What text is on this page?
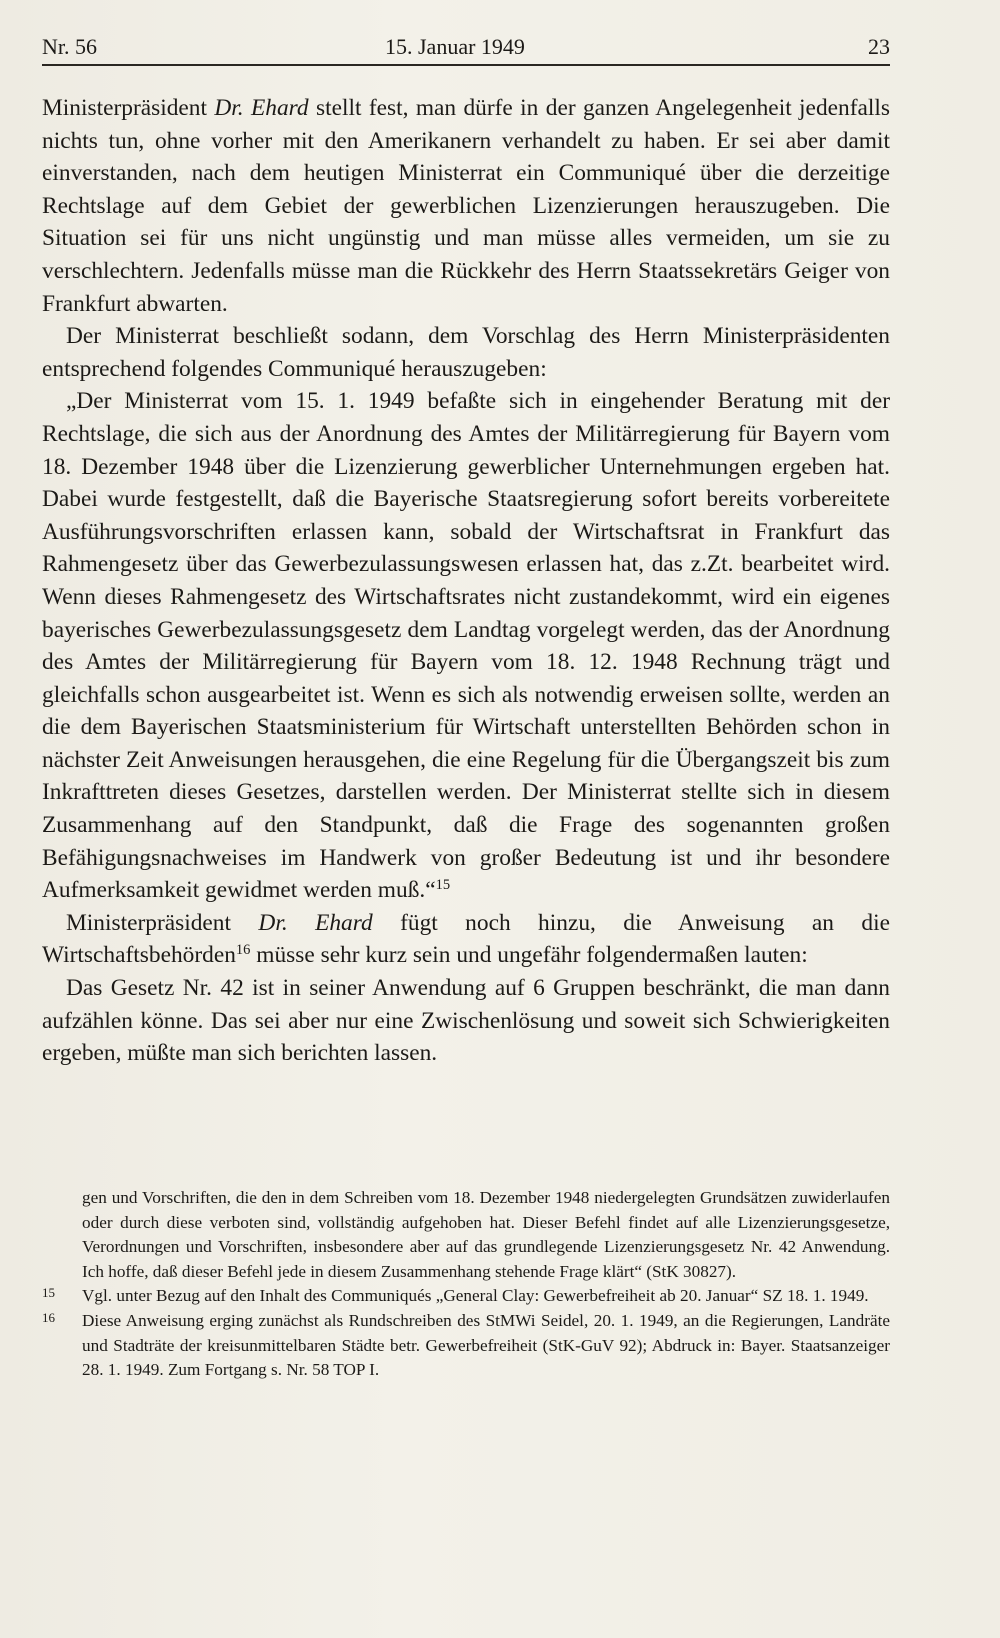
Nr. 56	15. Januar 1949	23

Ministerpräsident Dr. Ehard stellt fest, man dürfe in der ganzen Angelegenheit jedenfalls nichts tun, ohne vorher mit den Amerikanern verhandelt zu haben. Er sei aber damit einverstanden, nach dem heutigen Ministerrat ein Communiqué über die derzeitige Rechtslage auf dem Gebiet der gewerblichen Lizenzierungen herauszugeben. Die Situation sei für uns nicht ungünstig und man müsse alles vermeiden, um sie zu verschlechtern. Jedenfalls müsse man die Rückkehr des Herrn Staatssekretärs Geiger von Frankfurt abwarten.

Der Ministerrat beschließt sodann, dem Vorschlag des Herrn Ministerpräsidenten entsprechend folgendes Communiqué herauszugeben:

„Der Ministerrat vom 15. 1. 1949 befaßte sich in eingehender Beratung mit der Rechtslage, die sich aus der Anordnung des Amtes der Militärregierung für Bayern vom 18. Dezember 1948 über die Lizenzierung gewerblicher Unternehmungen ergeben hat. Dabei wurde festgestellt, daß die Bayerische Staatsregierung sofort bereits vorbereitete Ausführungsvorschriften erlassen kann, sobald der Wirtschaftsrat in Frankfurt das Rahmengesetz über das Gewerbezulassungswesen erlassen hat, das z.Zt. bearbeitet wird. Wenn dieses Rahmengesetz des Wirtschaftsrates nicht zustandekommt, wird ein eigenes bayerisches Gewerbezulassungsgesetz dem Landtag vorgelegt werden, das der Anordnung des Amtes der Militärregierung für Bayern vom 18. 12. 1948 Rechnung trägt und gleichfalls schon ausgearbeitet ist. Wenn es sich als notwendig erweisen sollte, werden an die dem Bayerischen Staatsministerium für Wirtschaft unterstellten Behörden schon in nächster Zeit Anweisungen herausgehen, die eine Regelung für die Übergangszeit bis zum Inkrafttreten dieses Gesetzes, darstellen werden. Der Ministerrat stellte sich in diesem Zusammenhang auf den Standpunkt, daß die Frage des sogenannten großen Befähigungsnachweises im Handwerk von großer Bedeutung ist und ihr besondere Aufmerksamkeit gewidmet werden muß.“$^{15}$

Ministerpräsident Dr. Ehard fügt noch hinzu, die Anweisung an die Wirtschaftsbehörden$^{16}$ müsse sehr kurz sein und ungefähr folgendermaßen lauten:

Das Gesetz Nr. 42 ist in seiner Anwendung auf 6 Gruppen beschränkt, die man dann aufzählen könne. Das sei aber nur eine Zwischenlösung und soweit sich Schwierigkeiten ergeben, müßte man sich berichten lassen.

gen und Vorschriften, die den in dem Schreiben vom 18. Dezember 1948 niedergelegten Grundsätzen zuwiderlaufen oder durch diese verboten sind, vollständig aufgehoben hat. Dieser Befehl findet auf alle Lizenzierungsgesetze, Verordnungen und Vorschriften, insbesondere aber auf das grundlegende Lizenzierungsgesetz Nr. 42 Anwendung. Ich hoffe, daß dieser Befehl jede in diesem Zusammenhang stehende Frage klärt“ (StK 30827).

15 Vgl. unter Bezug auf den Inhalt des Communiqués „General Clay: Gewerbefreiheit ab 20. Januar“ SZ 18. 1. 1949.

16 Diese Anweisung erging zunächst als Rundschreiben des StMWi Seidel, 20. 1. 1949, an die Regierungen, Landräte und Stadträte der kreisunmittelbaren Städte betr. Gewerbefreiheit (StK-GuV 92); Abdruck in: Bayer. Staatsanzeiger 28. 1. 1949. Zum Fortgang s. Nr. 58 TOP I.
